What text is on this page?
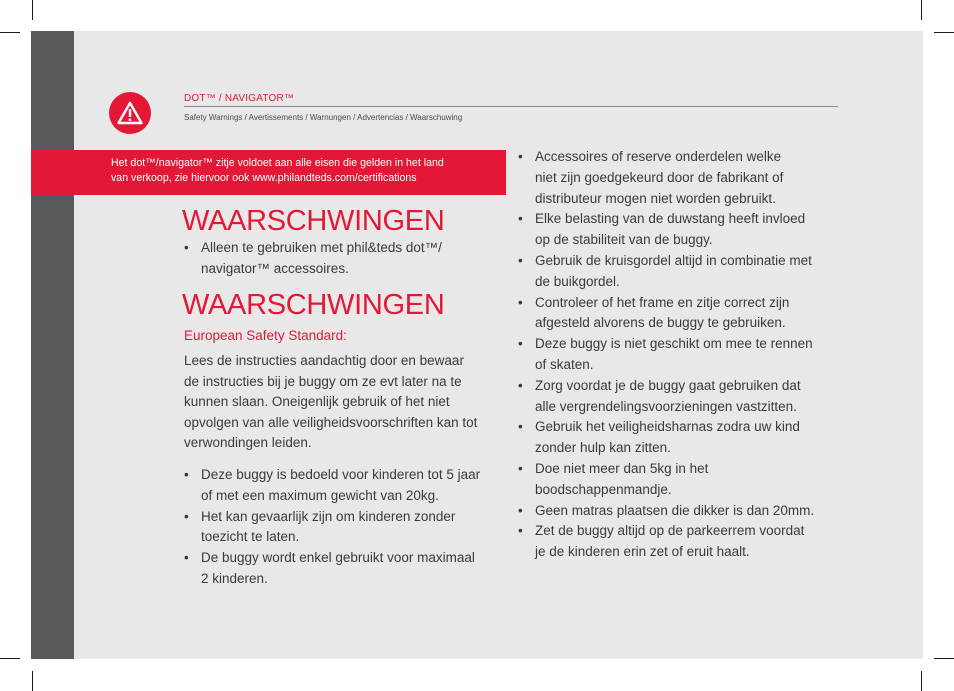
DOT™ / NAVIGATOR™
Safety Warnings / Avertissements / Warnungen / Advertencias / Waarschuwing
Het dot™/navigator™ zitje voldoet aan alle eisen die gelden in het land
van verkoop, zie hiervoor ook www.philandteds.com/certifications
WAARSCHWINGEN
• Alleen te gebruiken met phil&teds dot™/
navigator™ accessoires.
WAARSCHWINGEN
European Safety Standard:
Lees de instructies aandachtig door en bewaar
de instructies bij je buggy om ze evt later na te
kunnen slaan. Oneigenlijk gebruik of het niet
opvolgen van alle veiligheidsvoorschriften kan tot
verwondingen leiden.
• Deze buggy is bedoeld voor kinderen tot 5 jaar
of met een maximum gewicht van 20kg.
• Het kan gevaarlijk zijn om kinderen zonder
toezicht te laten.
• De buggy wordt enkel gebruikt voor maximaal
2 kinderen.
• Accessoires of reserve onderdelen welke
niet zijn goedgekeurd door de fabrikant of
distributeur mogen niet worden gebruikt.
• Elke belasting van de duwstang heeft invloed
op de stabiliteit van de buggy.
• Gebruik de kruisgordel altijd in combinatie met
de buikgordel.
• Controleer of het frame en zitje correct zijn
afgesteld alvorens de buggy te gebruiken.
• Deze buggy is niet geschikt om mee te rennen
of skaten.
• Zorg voordat je de buggy gaat gebruiken dat
alle vergrendelingsvoorzieningen vastzitten.
• Gebruik het veiligheidsharnas zodra uw kind
zonder hulp kan zitten.
• Doe niet meer dan 5kg in het
boodschappenmandje.
• Geen matras plaatsen die dikker is dan 20mm.
• Zet de buggy altijd op de parkeerrem voordat
je de kinderen erin zet of eruit haalt.
